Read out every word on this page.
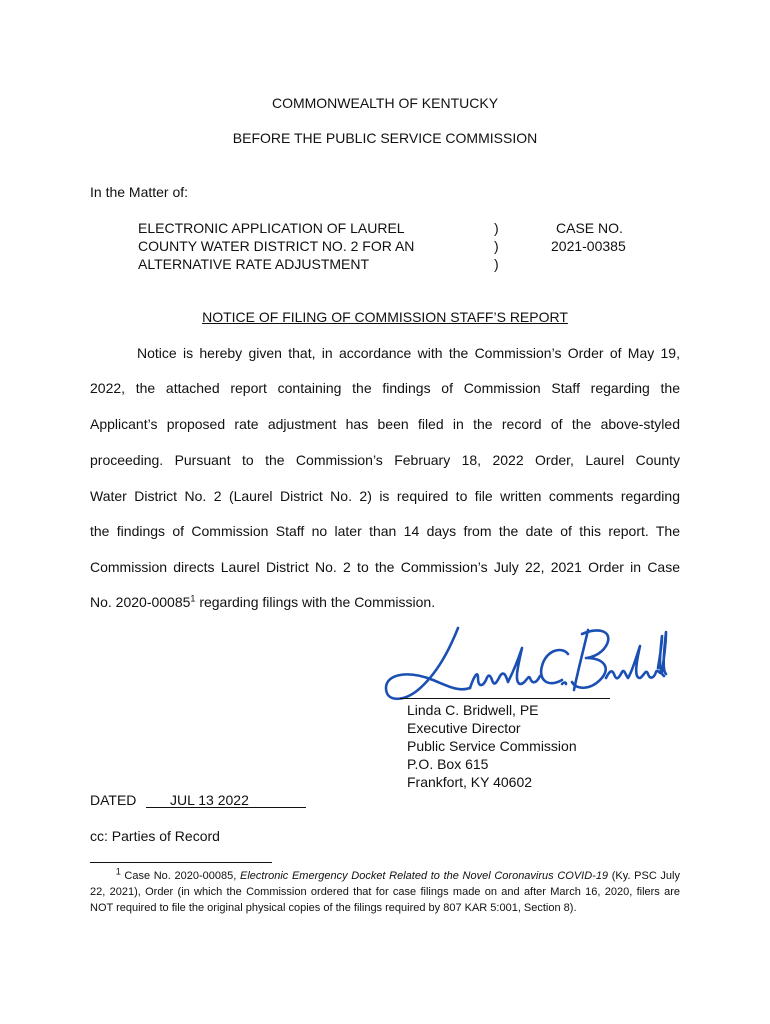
COMMONWEALTH OF KENTUCKY
BEFORE THE PUBLIC SERVICE COMMISSION
In the Matter of:
ELECTRONIC APPLICATION OF LAUREL
COUNTY WATER DISTRICT NO. 2 FOR AN
ALTERNATIVE RATE ADJUSTMENT
)
)
)
CASE NO.
2021-00385
NOTICE OF FILING OF COMMISSION STAFF’S REPORT
Notice is hereby given that, in accordance with the Commission’s Order of May 19,
2022, the attached report containing the findings of Commission Staff regarding the
Applicant’s proposed rate adjustment has been filed in the record of the above-styled
proceeding. Pursuant to the Commission’s February 18, 2022 Order, Laurel County
Water District No. 2 (Laurel District No. 2) is required to file written comments regarding
the findings of Commission Staff no later than 14 days from the date of this report. The
Commission directs Laurel District No. 2 to the Commission’s July 22, 2021 Order in Case
No. 2020-00085$^1$ regarding filings with the Commission.
Linda C. Bridwell, PE
Executive Director
Public Service Commission
P.O. Box 615
Frankfort, KY 40602
DATED JUL 13 2022
cc: Parties of Record
$^1$ Case No. 2020-00085, Electronic Emergency Docket Related to the Novel Coronavirus COVID-19 (Ky. PSC July 22, 2021), Order (in which the Commission ordered that for case filings made on and after March 16, 2020, filers are NOT required to file the original physical copies of the filings required by 807 KAR 5:001, Section 8).
